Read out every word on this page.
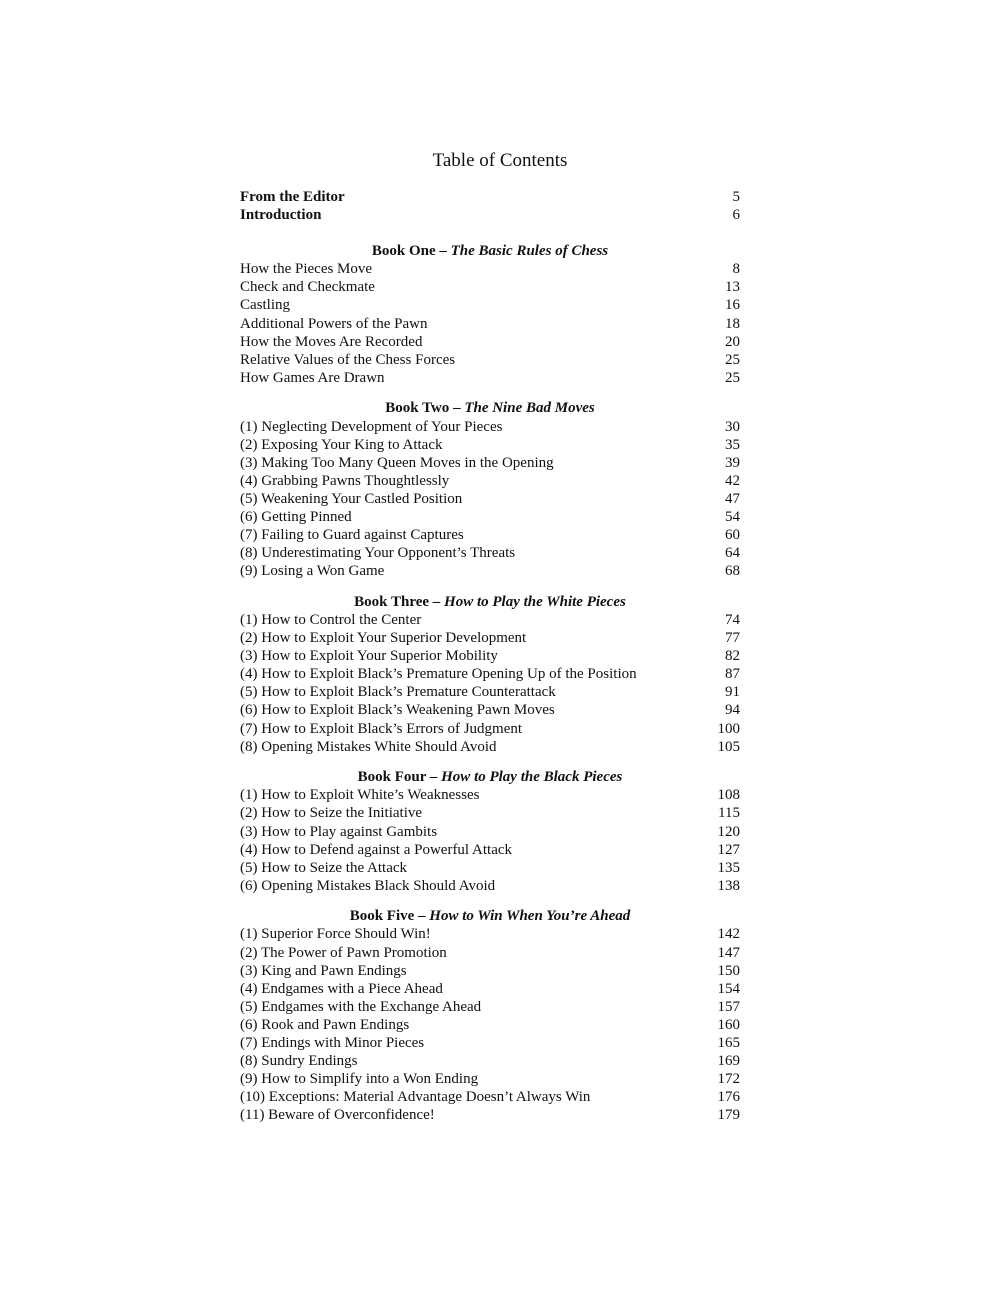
Table of Contents
From the Editor	5
Introduction	6
Book One – The Basic Rules of Chess
How the Pieces Move	8
Check and Checkmate	13
Castling	16
Additional Powers of the Pawn	18
How the Moves Are Recorded	20
Relative Values of the Chess Forces	25
How Games Are Drawn	25
Book Two – The Nine Bad Moves
(1) Neglecting Development of Your Pieces	30
(2) Exposing Your King to Attack	35
(3) Making Too Many Queen Moves in the Opening	39
(4) Grabbing Pawns Thoughtlessly	42
(5) Weakening Your Castled Position	47
(6) Getting Pinned	54
(7) Failing to Guard against Captures	60
(8) Underestimating Your Opponent’s Threats	64
(9) Losing a Won Game	68
Book Three – How to Play the White Pieces
(1) How to Control the Center	74
(2) How to Exploit Your Superior Development	77
(3) How to Exploit Your Superior Mobility	82
(4) How to Exploit Black’s Premature Opening Up of the Position	87
(5) How to Exploit Black’s Premature Counterattack	91
(6) How to Exploit Black’s Weakening Pawn Moves	94
(7) How to Exploit Black’s Errors of Judgment	100
(8) Opening Mistakes White Should Avoid	105
Book Four – How to Play the Black Pieces
(1) How to Exploit White’s Weaknesses	108
(2) How to Seize the Initiative	115
(3) How to Play against Gambits	120
(4) How to Defend against a Powerful Attack	127
(5) How to Seize the Attack	135
(6) Opening Mistakes Black Should Avoid	138
Book Five – How to Win When You’re Ahead
(1) Superior Force Should Win!	142
(2) The Power of Pawn Promotion	147
(3) King and Pawn Endings	150
(4) Endgames with a Piece Ahead	154
(5) Endgames with the Exchange Ahead	157
(6) Rook and Pawn Endings	160
(7) Endings with Minor Pieces	165
(8) Sundry Endings	169
(9) How to Simplify into a Won Ending	172
(10) Exceptions: Material Advantage Doesn’t Always Win	176
(11) Beware of Overconfidence!	179
